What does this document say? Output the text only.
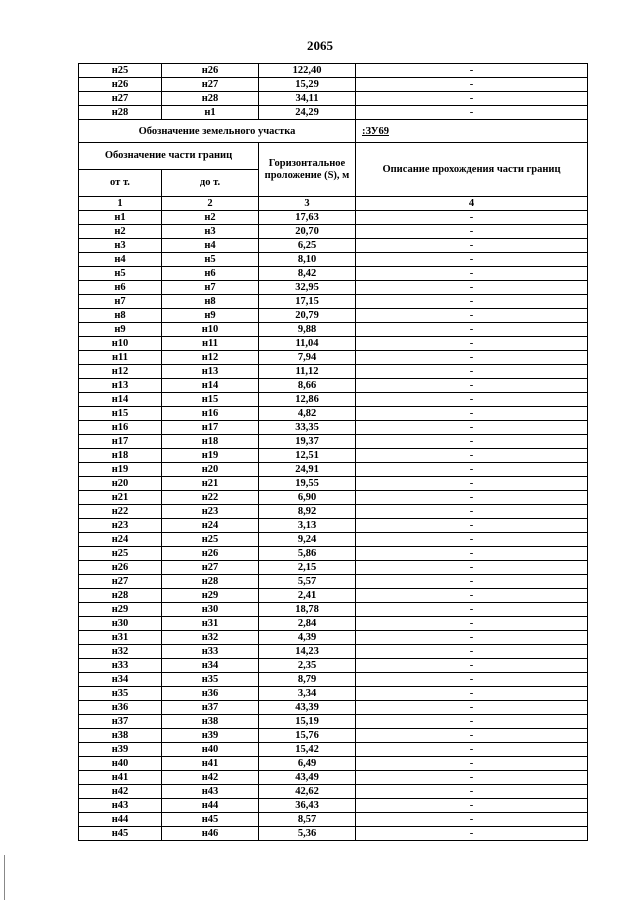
2065
н25	н26	122,40	-
н26	н27	15,29	-
н27	н28	34,11	-
н28	н1	24,29	-
Обозначение земельного участка			:ЗУ69
Обозначение части границ		Горизонтальное проложение (S), м	Описание прохождения части границ
от т.	до т.		
1	2	3	4
н1	н2	17,63	-
н2	н3	20,70	-
н3	н4	6,25	-
н4	н5	8,10	-
н5	н6	8,42	-
н6	н7	32,95	-
н7	н8	17,15	-
н8	н9	20,79	-
н9	н10	9,88	-
н10	н11	11,04	-
н11	н12	7,94	-
н12	н13	11,12	-
н13	н14	8,66	-
н14	н15	12,86	-
н15	н16	4,82	-
н16	н17	33,35	-
н17	н18	19,37	-
н18	н19	12,51	-
н19	н20	24,91	-
н20	н21	19,55	-
н21	н22	6,90	-
н22	н23	8,92	-
н23	н24	3,13	-
н24	н25	9,24	-
н25	н26	5,86	-
н26	н27	2,15	-
н27	н28	5,57	-
н28	н29	2,41	-
н29	н30	18,78	-
н30	н31	2,84	-
н31	н32	4,39	-
н32	н33	14,23	-
н33	н34	2,35	-
н34	н35	8,79	-
н35	н36	3,34	-
н36	н37	43,39	-
н37	н38	15,19	-
н38	н39	15,76	-
н39	н40	15,42	-
н40	н41	6,49	-
н41	н42	43,49	-
н42	н43	42,62	-
н43	н44	36,43	-
н44	н45	8,57	-
н45	н46	5,36	-
